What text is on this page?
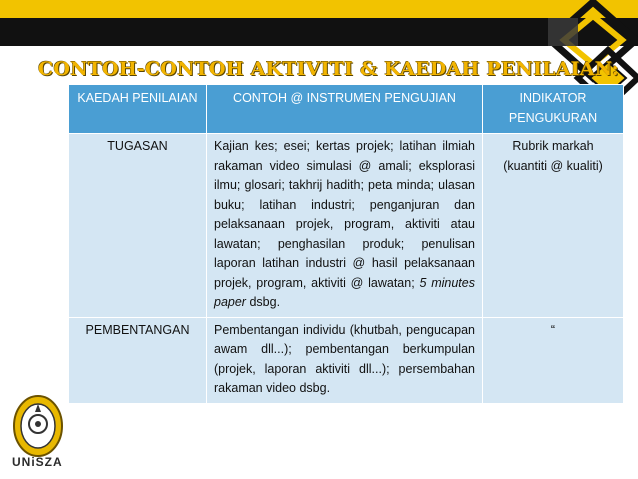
CONTOH-CONTOH AKTIVITI & KAEDAH PENILAIAN:
KAEDAH PENILAIAN	CONTOH @ INSTRUMEN PENGUJIAN	INDIKATOR PENGUKURAN
TUGASAN	Kajian kes; esei; kertas projek; latihan ilmiah rakaman video simulasi @ amali; eksplorasi ilmu; glosari; takhrij hadith; peta minda; ulasan buku; latihan industri; penganjuran dan pelaksanaan projek, program, aktiviti atau lawatan; penghasilan produk; penulisan laporan latihan industri @ hasil pelaksanaan projek, program, aktiviti @ lawatan; 5 minutes paper dsbg.	Rubrik markah (kuantiti @ kualiti)
PEMBENTANGAN	Pembentangan individu (khutbah, pengucapan awam dll...); pembentangan berkumpulan (projek, laporan aktiviti dll...); persembahan rakaman video dsbg.	“
UNiSZA
